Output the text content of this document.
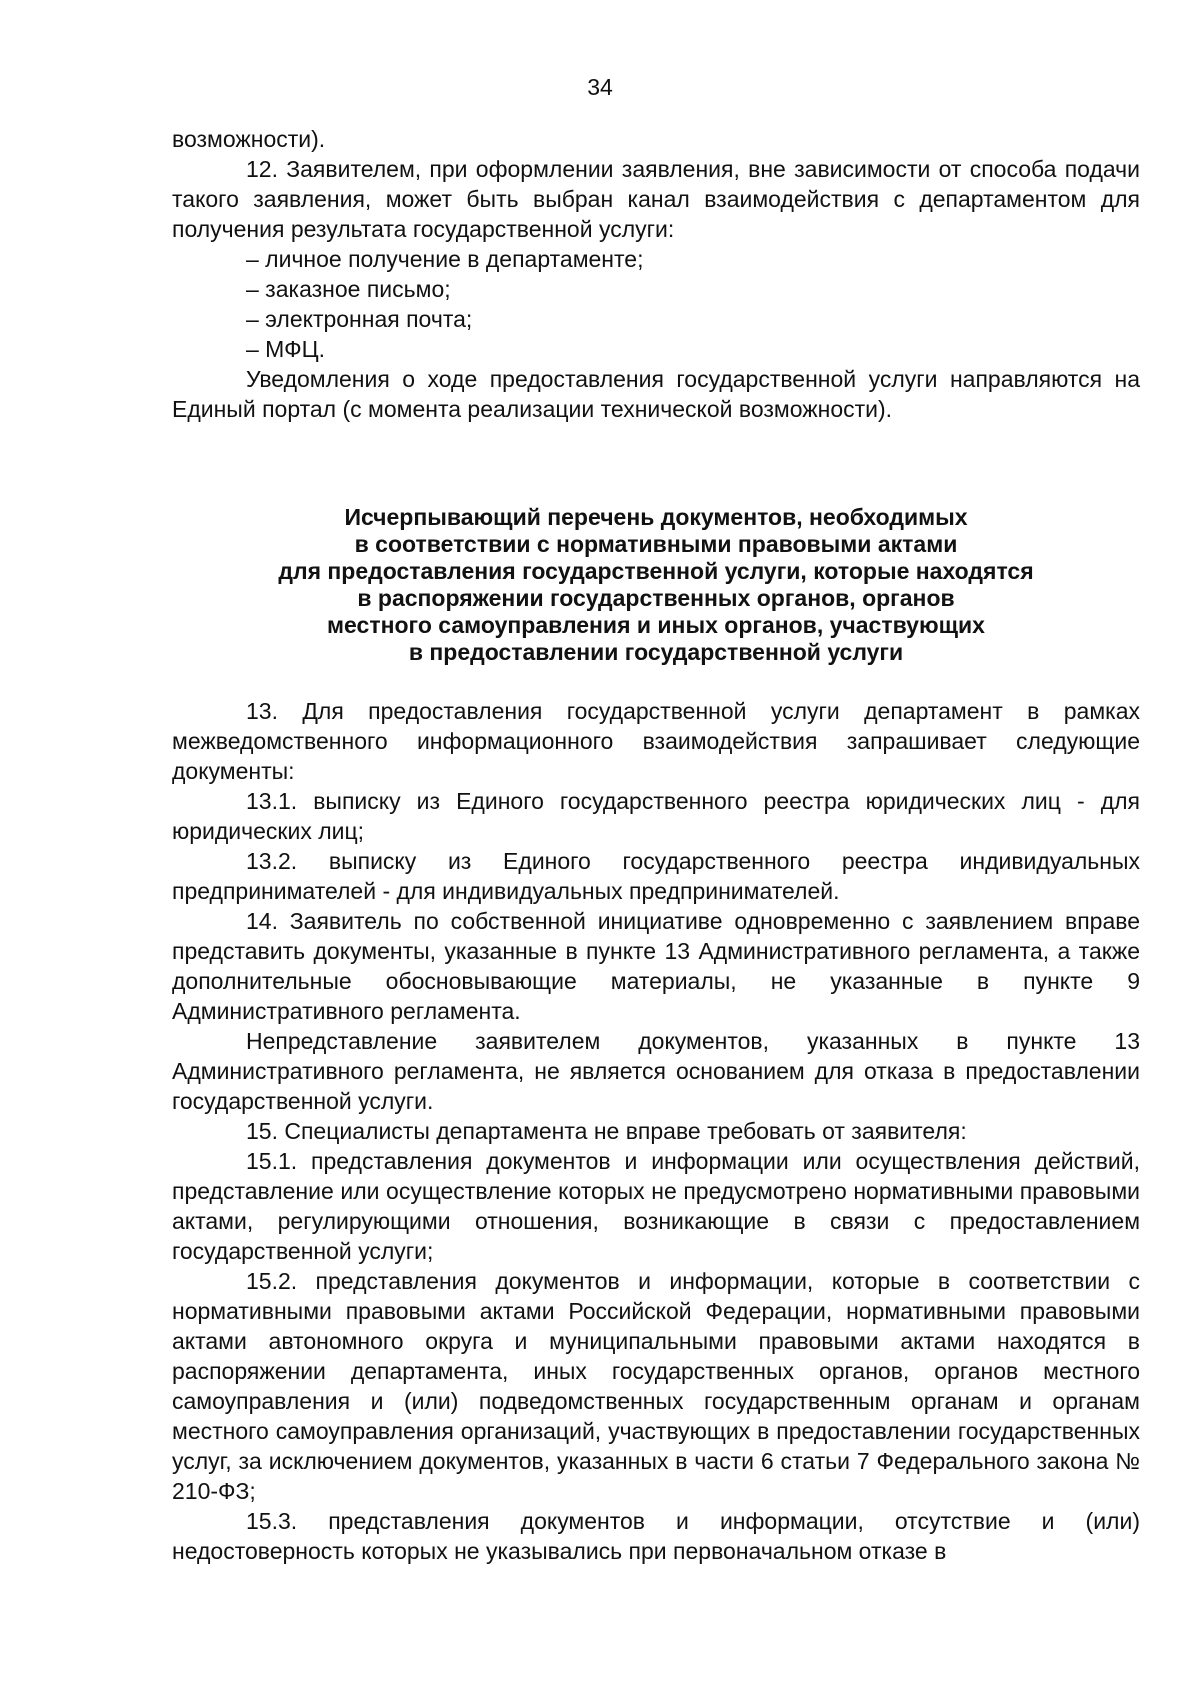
34

возможности).

12. Заявителем, при оформлении заявления, вне зависимости от способа подачи такого заявления, может быть выбран канал взаимодействия с департаментом для получения результата государственной услуги:

– личное получение в департаменте;

– заказное письмо;

– электронная почта;

– МФЦ.

Уведомления о ходе предоставления государственной услуги направляются на Единый портал (с момента реализации технической возможности).

Исчерпывающий перечень документов, необходимых
в соответствии с нормативными правовыми актами
для предоставления государственной услуги, которые находятся
в распоряжении государственных органов, органов
местного самоуправления и иных органов, участвующих
в предоставлении государственной услуги

13. Для предоставления государственной услуги департамент в рамках межведомственного информационного взаимодействия запрашивает следующие документы:

13.1. выписку из Единого государственного реестра юридических лиц - для юридических лиц;

13.2. выписку из Единого государственного реестра индивидуальных предпринимателей - для индивидуальных предпринимателей.

14. Заявитель по собственной инициативе одновременно с заявлением вправе представить документы, указанные в пункте 13 Административного регламента, а также дополнительные обосновывающие материалы, не указанные в пункте 9 Административного регламента.

Непредставление заявителем документов, указанных в пункте 13 Административного регламента, не является основанием для отказа в предоставлении государственной услуги.

15. Специалисты департамента не вправе требовать от заявителя:

15.1. представления документов и информации или осуществления действий, представление или осуществление которых не предусмотрено нормативными правовыми актами, регулирующими отношения, возникающие в связи с предоставлением государственной услуги;

15.2. представления документов и информации, которые в соответствии с нормативными правовыми актами Российской Федерации, нормативными правовыми актами автономного округа и муниципальными правовыми актами находятся в распоряжении департамента, иных государственных органов, органов местного самоуправления и (или) подведомственных государственным органам и органам местного самоуправления организаций, участвующих в предоставлении государственных услуг, за исключением документов, указанных в части 6 статьи 7 Федерального закона № 210-ФЗ;

15.3. представления документов и информации, отсутствие и (или) недостоверность которых не указывались при первоначальном отказе в
